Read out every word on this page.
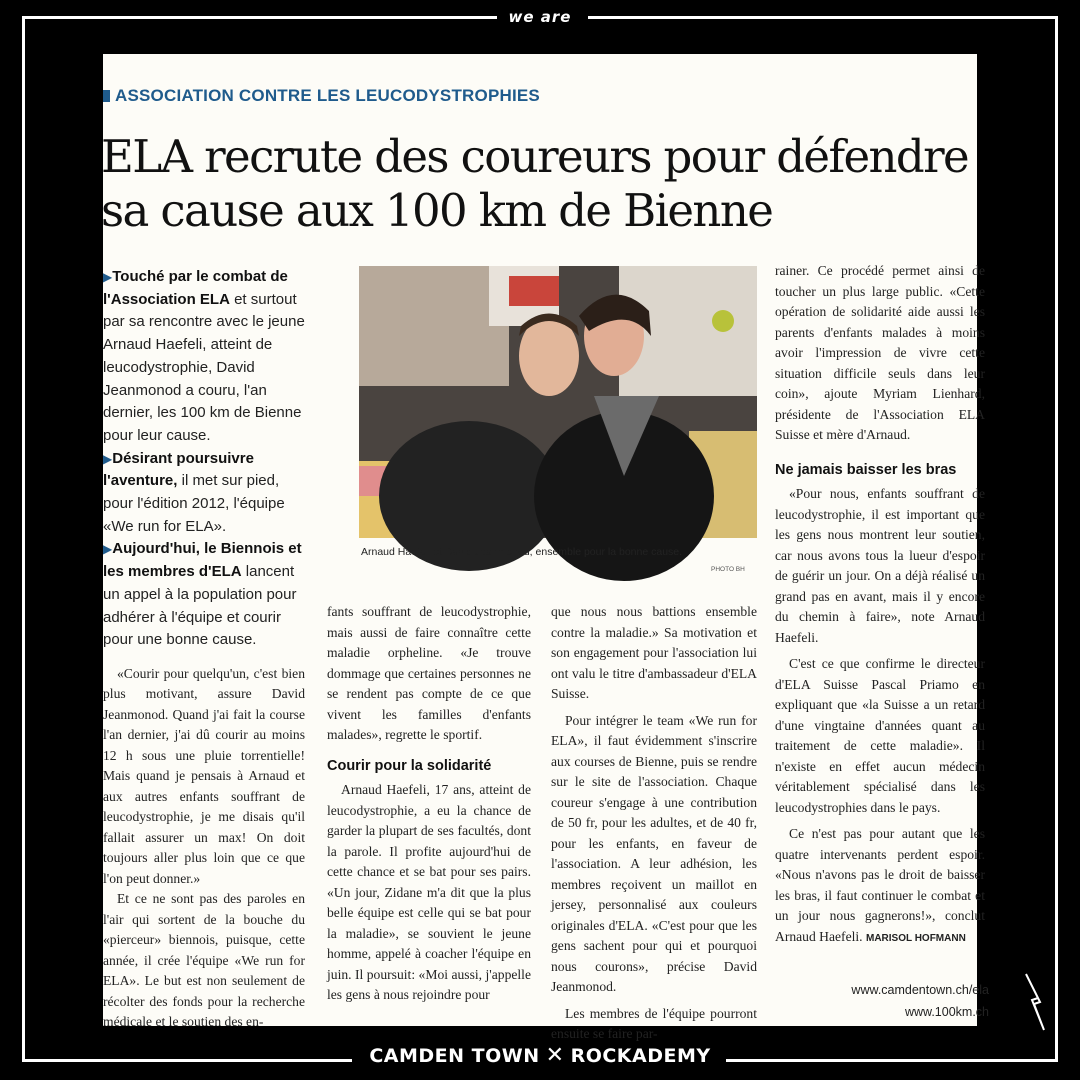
we are
ASSOCIATION CONTRE LES LEUCODYSTROPHIES
ELA recrute des coureurs pour défendre
sa cause aux 100 km de Bienne

▶Touché par le combat de l'Association ELA et surtout par sa rencontre avec le jeune Arnaud Haefeli, atteint de leucodystrophie, David Jeanmonod a couru, l'an dernier, les 100 km de Bienne pour leur cause.

▶Désirant poursuivre l'aventure, il met sur pied, pour l'édition 2012, l'équipe «We run for ELA».

▶Aujourd'hui, le Biennois et les membres d'ELA lancent un appel à la population pour adhérer à l'équipe et courir pour une bonne cause.

«Courir pour quelqu'un, c'est bien plus motivant, assure David Jeanmonod. Quand j'ai fait la course l'an dernier, j'ai dû courir au moins 12 h sous une pluie torrentielle! Mais quand je pensais à Arnaud et aux autres enfants souffrant de leucodystrophie, je me disais qu'il fallait assurer un max! On doit toujours aller plus loin que ce que l'on peut donner.»

Et ce ne sont pas des paroles en l'air qui sortent de la bouche du «pierceur» biennois, puisque, cette année, il crée l'équipe «We run for ELA». Le but est non seulement de récolter des fonds pour la recherche médicale et le soutien des en-

Arnaud Haefeli et David Jeanmonod, ensemble pour la bonne cause.
PHOTO BH

fants souffrant de leucodystrophie, mais aussi de faire connaître cette maladie orpheline. «Je trouve dommage que certaines personnes ne se rendent pas compte de ce que vivent les familles d'enfants malades», regrette le sportif.

Courir pour la solidarité

Arnaud Haefeli, 17 ans, atteint de leucodystrophie, a eu la chance de garder la plupart de ses facultés, dont la parole. Il profite aujourd'hui de cette chance et se bat pour ses pairs. «Un jour, Zidane m'a dit que la plus belle équipe est celle qui se bat pour la maladie», se souvient le jeune homme, appelé à coacher l'équipe en juin. Il poursuit: «Moi aussi, j'appelle les gens à nous rejoindre pour

que nous nous battions ensemble contre la maladie.» Sa motivation et son engagement pour l'association lui ont valu le titre d'ambassadeur d'ELA Suisse.

Pour intégrer le team «We run for ELA», il faut évidemment s'inscrire aux courses de Bienne, puis se rendre sur le site de l'association. Chaque coureur s'engage à une contribution de 50 fr, pour les adultes, et de 40 fr, pour les enfants, en faveur de l'association. A leur adhésion, les membres reçoivent un maillot en jersey, personnalisé aux couleurs originales d'ELA. «C'est pour que les gens sachent pour qui et pourquoi nous courons», précise David Jeanmonod.

Les membres de l'équipe pourront ensuite se faire par-

rainer. Ce procédé permet ainsi de toucher un plus large public. «Cette opération de solidarité aide aussi les parents d'enfants malades à moins avoir l'impression de vivre cette situation difficile seuls dans leur coin», ajoute Myriam Lienhard, présidente de l'Association ELA Suisse et mère d'Arnaud.

Ne jamais baisser les bras

«Pour nous, enfants souffrant de leucodystrophie, il est important que les gens nous montrent leur soutien, car nous avons tous la lueur d'espoir de guérir un jour. On a déjà réalisé un grand pas en avant, mais il y encore du chemin à faire», note Arnaud Haefeli.

C'est ce que confirme le directeur d'ELA Suisse Pascal Priamo en expliquant que «la Suisse a un retard d'une vingtaine d'années quant au traitement de cette maladie». Il n'existe en effet aucun médecin véritablement spécialisé dans les leucodystrophies dans le pays.

Ce n'est pas pour autant que les quatre intervenants perdent espoir. «Nous n'avons pas le droit de baisser les bras, il faut continuer le combat et un jour nous gagnerons!», conclut Arnaud Haefeli. MARISOL HOFMANN

www.camdentown.ch/ela
www.100km.ch
CAMDEN TOWN ✕ ROCKADEMY
